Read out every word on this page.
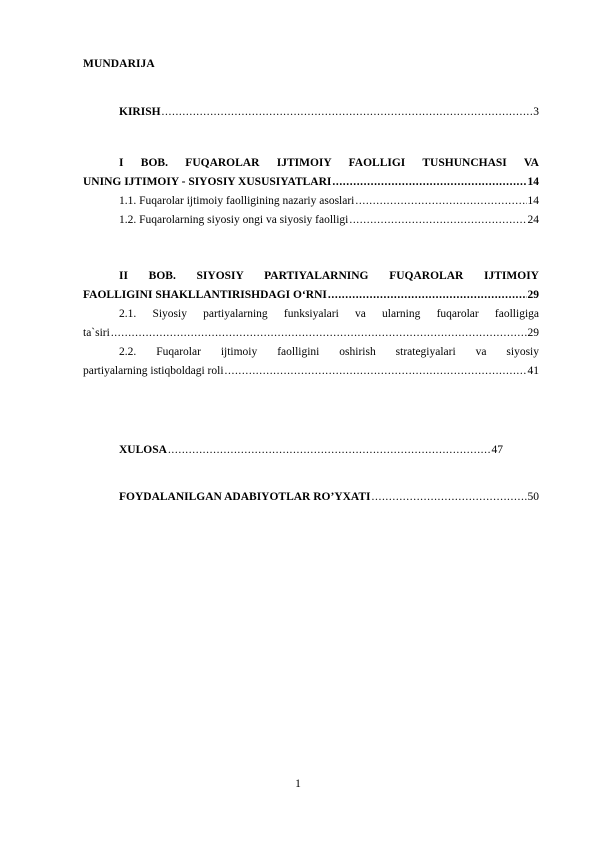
MUNDARIJA
KIRISH .....	3
I BOB. FUQAROLAR IJTIMOIY FAOLLIGI TUSHUNCHASI VA
UNING IJTIMOIY - SIYOSIY XUSUSIYATLARI .....	14
1.1. Fuqarolar ijtimoiy faolligining nazariy asoslari .....	14
1.2. Fuqarolarning siyosiy ongi va siyosiy faolligi .....	24
II BOB. SIYOSIY PARTIYALARNING FUQAROLAR IJTIMOIY
FAOLLIGINI SHAKLLANTIRISHDAGI O‘RNI .....	29
2.1. Siyosiy partiyalarning funksiyalari va ularning fuqarolar faolligiga
ta`siri .....	29
2.2. Fuqarolar ijtimoiy faolligini oshirish strategiyalari va siyosiy
partiyalarning istiqboldagi roli .....	41
XULOSA .....	47
FOYDALANILGAN ADABIYOTLAR RO’YXATI .....	50
1
